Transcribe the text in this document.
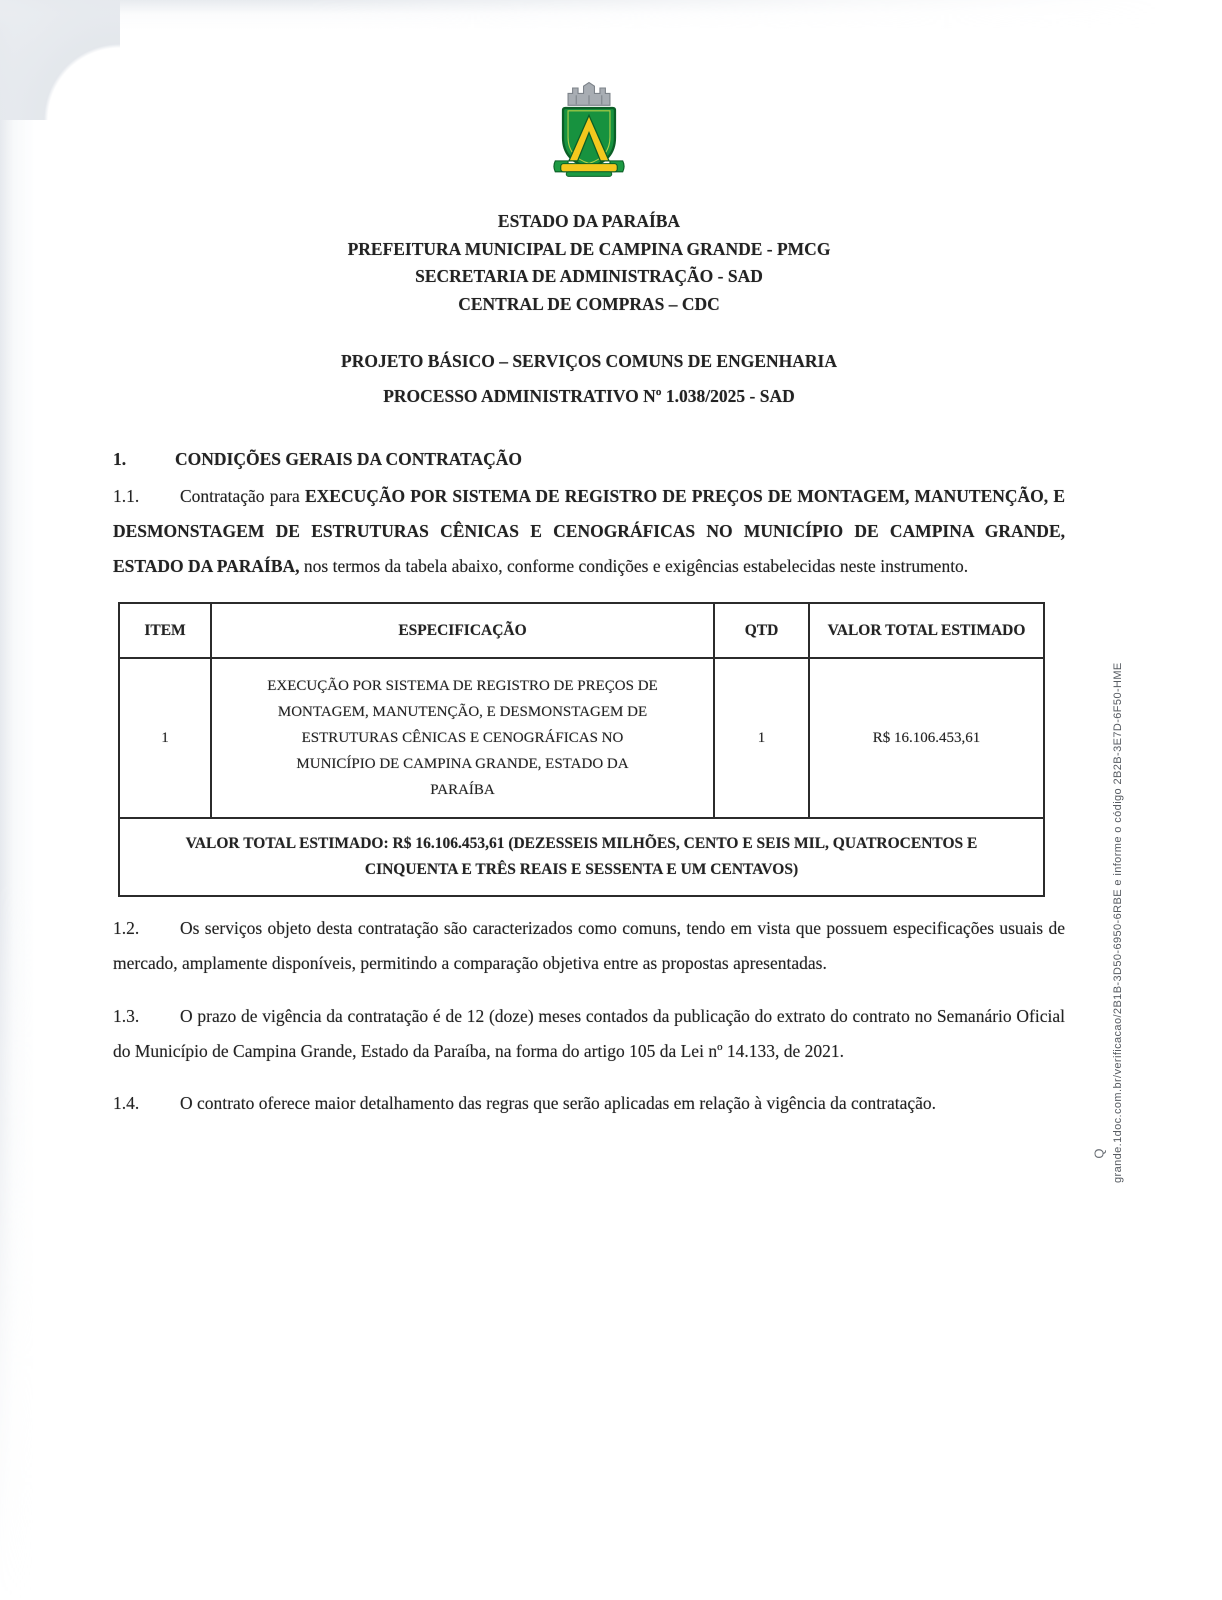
ESTADO DA PARAÍBA
PREFEITURA MUNICIPAL DE CAMPINA GRANDE - PMCG
SECRETARIA DE ADMINISTRAÇÃO - SAD
CENTRAL DE COMPRAS – CDC
PROJETO BÁSICO – SERVIÇOS COMUNS DE ENGENHARIA
PROCESSO ADMINISTRATIVO Nº 1.038/2025 - SAD
1.	CONDIÇÕES GERAIS DA CONTRATAÇÃO

1.1. Contratação para EXECUÇÃO POR SISTEMA DE REGISTRO DE PREÇOS DE MONTAGEM, MANUTENÇÃO, E DESMONSTAGEM DE ESTRUTURAS CÊNICAS E CENOGRÁFICAS NO MUNICÍPIO DE CAMPINA GRANDE, ESTADO DA PARAÍBA, nos termos da tabela abaixo, conforme condições e exigências estabelecidas neste instrumento.

ITEM	ESPECIFICAÇÃO	QTD	VALOR TOTAL ESTIMADO
1	EXECUÇÃO POR SISTEMA DE REGISTRO DE PREÇOS DE MONTAGEM, MANUTENÇÃO, E DESMONSTAGEM DE ESTRUTURAS CÊNICAS E CENOGRÁFICAS NO MUNICÍPIO DE CAMPINA GRANDE, ESTADO DA PARAÍBA	1	R$ 16.106.453,61
VALOR TOTAL ESTIMADO: R$ 16.106.453,61 (DEZESSEIS MILHÕES, CENTO E SEIS MIL, QUATROCENTOS E CINQUENTA E TRÊS REAIS E SESSENTA E UM CENTAVOS)			

1.2. Os serviços objeto desta contratação são caracterizados como comuns, tendo em vista que possuem especificações usuais de mercado, amplamente disponíveis, permitindo a comparação objetiva entre as propostas apresentadas.

1.3. O prazo de vigência da contratação é de 12 (doze) meses contados da publicação do extrato do contrato no Semanário Oficial do Município de Campina Grande, Estado da Paraíba, na forma do artigo 105 da Lei nº 14.133, de 2021.

1.4. O contrato oferece maior detalhamento das regras que serão aplicadas em relação à vigência da contratação.	grande.1doc.com.br/verificacao/2B1B-3D50-6950-6RBE e informe o código 2B2B-3E7D-6F50-HME
Q
